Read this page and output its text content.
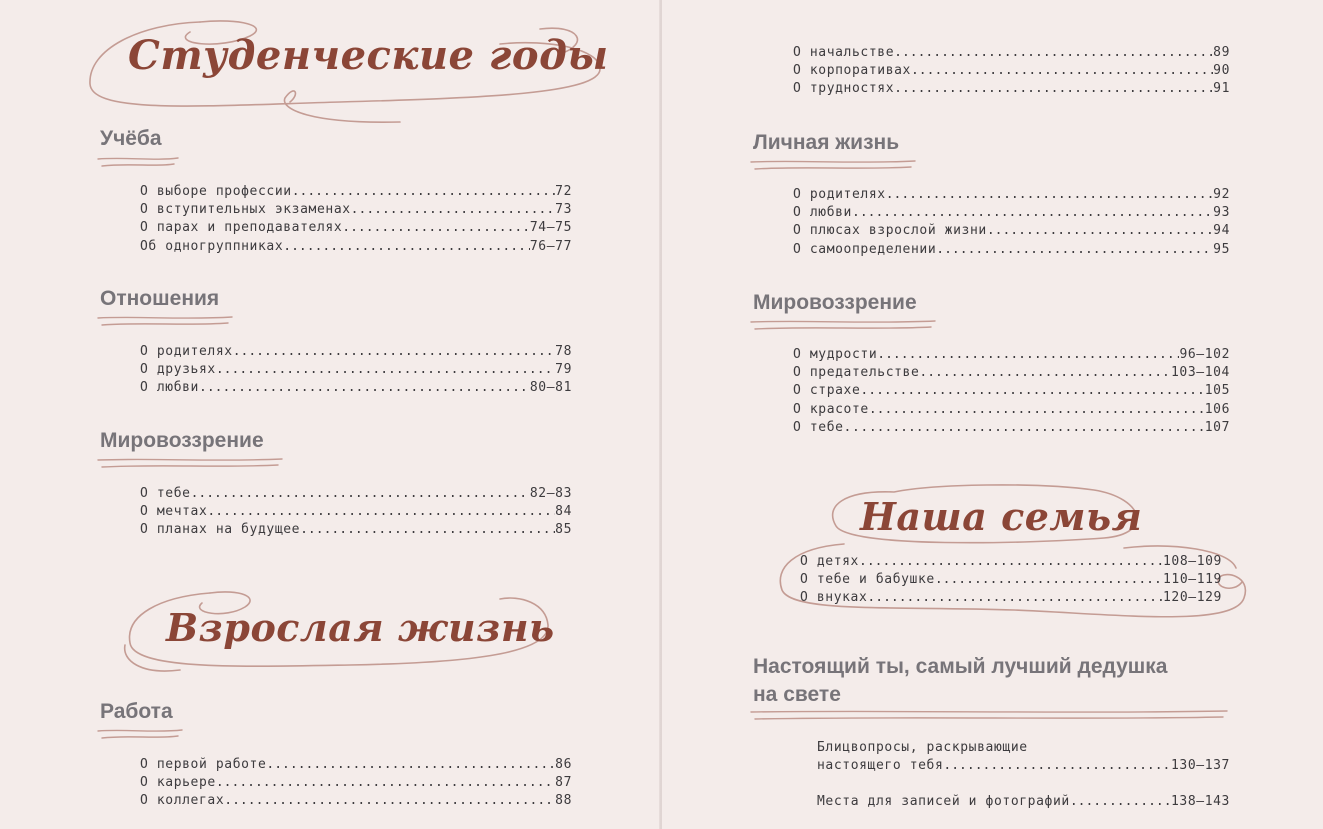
Студенческие годы
Учёба
О выборе профессии .....	72
О вступительных экзаменах .....	73
О парах и преподавателях .....	74–75
Об одногруппниках .....	76–77
Отношения
О родителях .....	78
О друзьях .....	79
О любви .....	80–81
Мировоззрение
О тебе .....	82–83
О мечтах .....	84
О планах на будущее .....	85
Взрослая жизнь
Работа
О первой работе .....	86
О карьере .....	87
О коллегах .....	88
О начальстве .....	89
О корпоративах .....	90
О трудностях .....	91
Личная жизнь
О родителях .....	92
О любви .....	93
О плюсах взрослой жизни .....	94
О самоопределении .....	95
Мировоззрение
О мудрости .....	96–102
О предательстве .....	103–104
О страхе .....	105
О красоте .....	106
О тебе... .....	107
Наша семья
О детях .....	108–109
О тебе и бабушке .....	110–119
О внуках .....	120–129
Настоящий ты, самый лучший дедушка
на свете
Блицвопросы, раскрывающие
настоящего тебя .....	130–137
Места для записей и фотографий .....	138–143
